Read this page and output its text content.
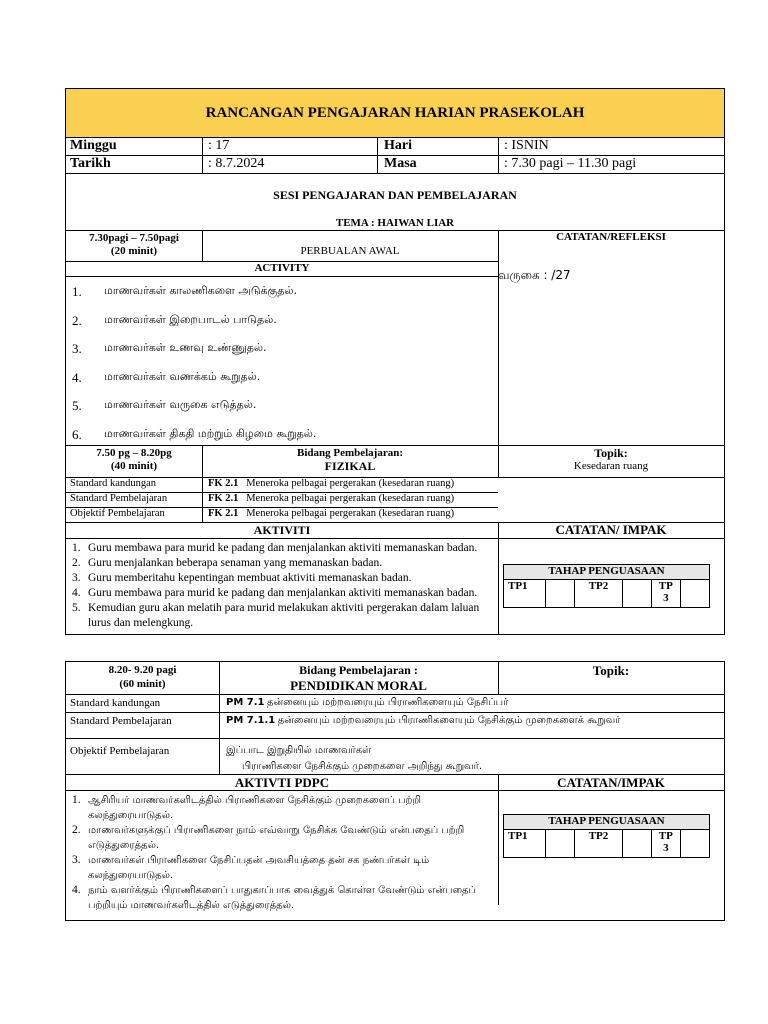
RANCANGAN PENGAJARAN HARIAN PRASEKOLAH
Minggu	: 17	Hari	: ISNIN
Tarikh	: 8.7.2024	Masa	: 7.30 pagi – 11.30 pagi
SESI PENGAJARAN DAN PEMBELAJARAN
TEMA : HAIWAN LIAR
7.30pagi – 7.50pagi
(20 minit)	PERBUALAN AWAL
CATATAN/REFLEKSI
ACTIVITY	வருகை : /27
1. மாணவர்கள் காலணிகளை அடுக்குதல்.
2. மாணவர்கள் இறைபாடல் பாடுதல்.
3. மாணவர்கள் உணவு உண்ணுதல்.
4. மாணவர்கள் வணக்கம் கூறுதல்.
5. மாணவர்கள் வருகை எடுத்தல்.
6. மாணவர்கள் திகதி மற்றும் கிழமை கூறுதல்.
7.50 pg – 8.20pg
(40 minit)
Bidang Pembelajaran:
FIZIKAL
Topik:
Kesedaran ruang
Standard kandungan	FK 2.1 Meneroka pelbagai pergerakan (kesedaran ruang)
Standard Pembelajaran	FK 2.1 Meneroka pelbagai pergerakan (kesedaran ruang)
Objektif Pembelajaran	FK 2.1 Meneroka pelbagai pergerakan (kesedaran ruang)
AKTIVITI	CATATAN/ IMPAK
1. Guru membawa para murid ke padang dan menjalankan aktiviti memanaskan badan.
2. Guru menjalankan beberapa senaman yang memanaskan badan.
3. Guru memberitahu kepentingan membuat aktiviti memanaskan badan.
4. Guru membawa para murid ke padang dan menjalankan aktiviti memanaskan badan.
5. Kemudian guru akan melatih para murid melakukan aktiviti pergerakan dalam laluan lurus dan melengkung.
TAHAP PENGUASAAN
TP1		TP2		TP
3	
8.20- 9.20 pagi
(60 minit)
Bidang Pembelajaran :
PENDIDIKAN MORAL
Topik:
Standard kandungan	PM 7.1 தன்னையும் மற்றவரையும் பிராணிகளையும் நேசிப்பர்
Standard Pembelajaran	PM 7.1.1 தன்னையும் மற்றவரையும் பிராணிகளையும் நேசிக்கும் முறைகளைக் கூறுவர்
Objektif Pembelajaran	இப்பாட இறுதியில் மாணவர்கள்
பிராணிகளை நேசிக்கும் முறைகளை அறிந்து கூறுவர்.
AKTIVTI PDPC	CATATAN/IMPAK
1. ஆசிரியர் மாணவர்களிடத்தில் பிராணிகளை நேசிக்கும் முறைகளைப் பற்றி கலந்துரையாடுதல்.
2. மாணவர்களுக்குப் பிராணிகளை நாம் எவ்வாறு நேசிக்க வேண்டும் என்பதைப் பற்றி எடுத்துரைத்தல்.
3. மாணவர்கள் பிராணிகளை நேசிப்பதன் அவசியத்தை தன் சக நண்பர்கள் டிம் கலந்துரையாடுதல்.
4. நாம் வளர்க்கும் பிராணிகளைப் பாதுகாப்பாக வைத்துக் கொள்ள வேண்டும் என்பதைப் பற்றியும் மாணவர்களிடத்தில் எடுத்துரைத்தல்.
TAHAP PENGUASAAN
TP1		TP2		TP
3	
